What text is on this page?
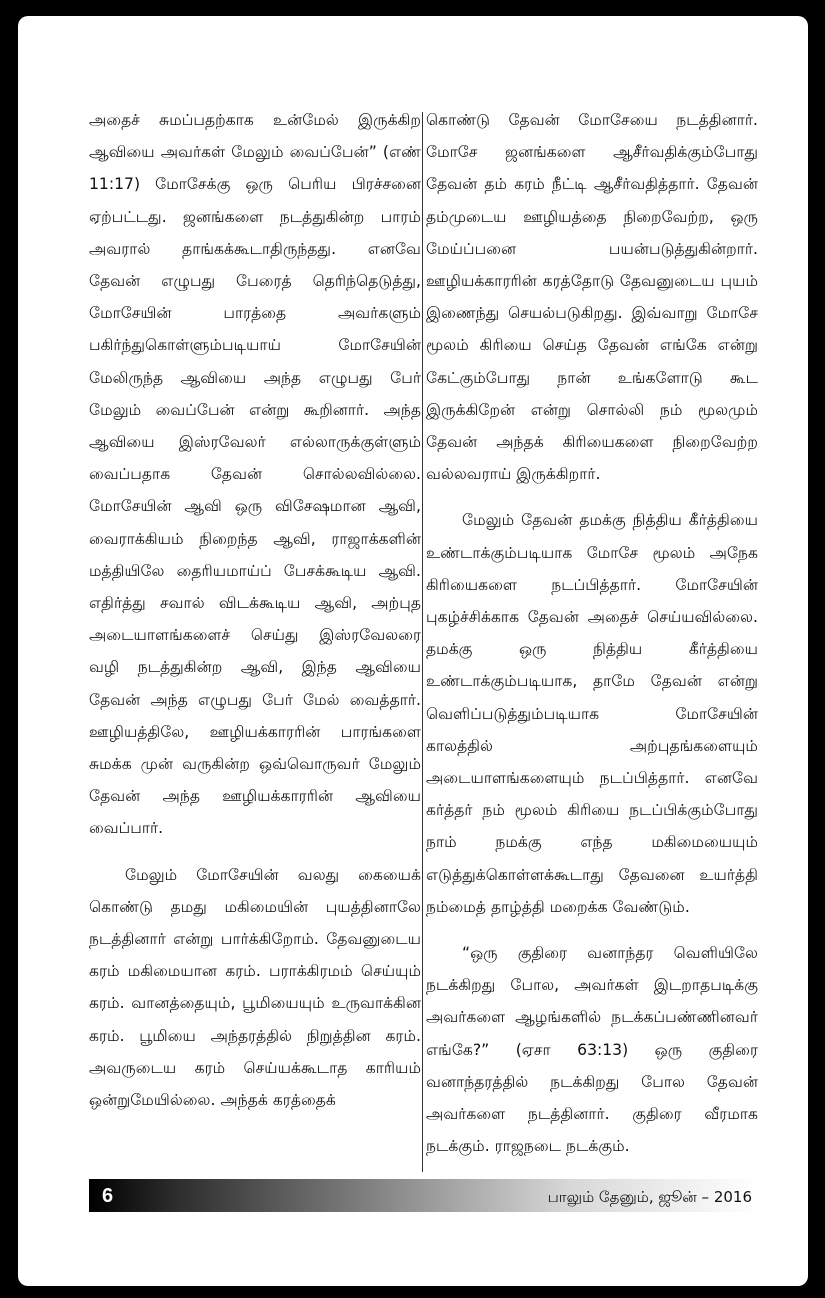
அதைச் சுமப்பதற்காக உன்மேல் இருக்கிற ஆவியை அவர்கள் மேலும் வைப்பேன்” (எண் 11:17) மோசேக்கு ஒரு பெரிய பிரச்சனை ஏற்பட்டது. ஜனங்களை நடத்துகின்ற பாரம் அவரால் தாங்கக்கூடாதிருந்தது. எனவே தேவன் எழுபது பேரைத் தெரிந்தெடுத்து, மோசேயின் பாரத்தை அவர்களும் பகிர்ந்துகொள்ளும்படியாய் மோசேயின் மேலிருந்த ஆவியை அந்த எழுபது பேர் மேலும் வைப்பேன் என்று கூறினார். அந்த ஆவியை இஸ்ரவேலர் எல்லாருக்குள்ளும் வைப்பதாக தேவன் சொல்லவில்லை. மோசேயின் ஆவி ஒரு விசேஷமான ஆவி, வைராக்கியம் நிறைந்த ஆவி, ராஜாக்களின் மத்தியிலே தைரியமாய்ப் பேசக்கூடிய ஆவி. எதிர்த்து சவால் விடக்கூடிய ஆவி, அற்புத அடையாளங்களைச் செய்து இஸ்ரவேலரை வழி நடத்துகின்ற ஆவி, இந்த ஆவியை தேவன் அந்த எழுபது பேர் மேல் வைத்தார். ஊழியத்திலே, ஊழியக்காரரின் பாரங்களை சுமக்க முன் வருகின்ற ஒவ்வொருவர் மேலும் தேவன் அந்த ஊழியக்காரரின் ஆவியை வைப்பார்.

மேலும் மோசேயின் வலது கையைக் கொண்டு தமது மகிமையின் புயத்தினாலே நடத்தினார் என்று பார்க்கிறோம். தேவனுடைய கரம் மகிமையான கரம். பராக்கிரமம் செய்யும் கரம். வானத்தையும், பூமியையும் உருவாக்கின கரம். பூமியை அந்தரத்தில் நிறுத்தின கரம். அவருடைய கரம் செய்யக்கூடாத காரியம் ஒன்றுமேயில்லை. அந்தக் கரத்தைக்

கொண்டு தேவன் மோசேயை நடத்தினார். மோசே ஜனங்களை ஆசீர்வதிக்கும்போது தேவன் தம் கரம் நீட்டி ஆசீர்வதித்தார். தேவன் தம்முடைய ஊழியத்தை நிறைவேற்ற, ஒரு மேய்ப்பனை பயன்படுத்துகின்றார். ஊழியக்காரரின் கரத்தோடு தேவனுடைய புயம் இணைந்து செயல்படுகிறது. இவ்வாறு மோசே மூலம் கிரியை செய்த தேவன் எங்கே என்று கேட்கும்போது நான் உங்களோடு கூட இருக்கிறேன் என்று சொல்லி நம் மூலமும் தேவன் அந்தக் கிரியைகளை நிறைவேற்ற வல்லவராய் இருக்கிறார்.

மேலும் தேவன் தமக்கு நித்திய கீர்த்தியை உண்டாக்கும்படியாக மோசே மூலம் அநேக கிரியைகளை நடப்பித்தார். மோசேயின் புகழ்ச்சிக்காக தேவன் அதைச் செய்யவில்லை. தமக்கு ஒரு நித்திய கீர்த்தியை உண்டாக்கும்படியாக, தாமே தேவன் என்று வெளிப்படுத்தும்படியாக மோசேயின் காலத்தில் அற்புதங்களையும் அடையாளங்களையும் நடப்பித்தார். எனவே கர்த்தர் நம் மூலம் கிரியை நடப்பிக்கும்போது நாம் நமக்கு எந்த மகிமையையும் எடுத்துக்கொள்ளக்கூடாது தேவனை உயர்த்தி நம்மைத் தாழ்த்தி மறைக்க வேண்டும்.

“ஒரு குதிரை வனாந்தர வெளியிலே நடக்கிறது போல, அவர்கள் இடறாதபடிக்கு அவர்களை ஆழங்களில் நடக்கப்பண்ணினவர் எங்கே?” (ஏசா 63:13) ஒரு குதிரை வனாந்தரத்தில் நடக்கிறது போல தேவன் அவர்களை நடத்தினார். குதிரை வீரமாக நடக்கும். ராஜநடை நடக்கும்.

6	பாலும் தேனும், ஜூன் – 2016
